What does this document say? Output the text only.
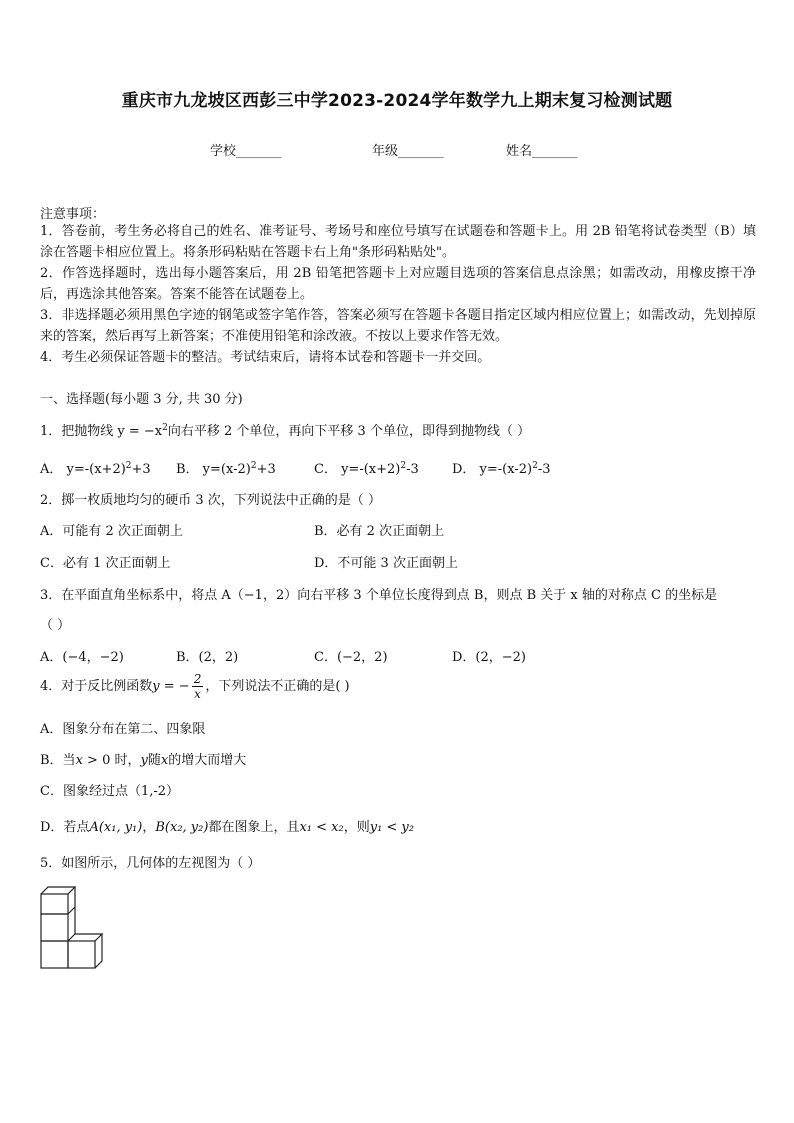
重庆市九龙坡区西彭三中学2023-2024学年数学九上期末复习检测试题
学校_______	年级_______	姓名_______
注意事项：
1．答卷前，考生务必将自己的姓名、准考证号、考场号和座位号填写在试题卷和答题卡上。用 2B 铅笔将试卷类型（B）填涂在答题卡相应位置上。将条形码粘贴在答题卡右上角"条形码粘贴处"。
2．作答选择题时，选出每小题答案后，用 2B 铅笔把答题卡上对应题目选项的答案信息点涂黑；如需改动，用橡皮擦干净后，再选涂其他答案。答案不能答在试题卷上。
3．非选择题必须用黑色字迹的钢笔或签字笔作答，答案必须写在答题卡各题目指定区域内相应位置上；如需改动，先划掉原来的答案，然后再写上新答案；不准使用铅笔和涂改液。不按以上要求作答无效。
4．考生必须保证答题卡的整洁。考试结束后，请将本试卷和答题卡一并交回。
一、选择题(每小题 3 分, 共 30 分)
1．把抛物线 $y = -x^2$向右平移 2 个单位，再向下平移 3 个单位，即得到抛物线（ ）
A． $y=-(x+2)^2+3$ B． $y=(x-2)^2+3$	C． $y=-(x+2)^2-3$	D． $y=-(x-2)^2-3$
2．掷一枚质地均匀的硬币 3 次，下列说法中正确的是（ ）
A．可能有 2 次正面朝上	B．必有 2 次正面朝上
C．必有 1 次正面朝上	D．不可能 3 次正面朝上
3．在平面直角坐标系中，将点 A（−1，2）向右平移 3 个单位长度得到点 B，则点 B 关于 x 轴的对称点 C 的坐标是
（ ）
A．(−4，−2)	B．(2，2)	C．(−2，2)	D．(2，−2)
4．对于反比例函数y = − $\frac{2}{x}$ ，下列说法不正确的是( )
A．图象分布在第二、四象限
B．当x > 0 时，y随x的增大而增大
C．图象经过点（1,-2）
D．若点A(x₁, y₁)，B(x₂, y₂)都在图象上，且x₁ < x₂，则y₁ < y₂
5．如图所示，几何体的左视图为（ ）
